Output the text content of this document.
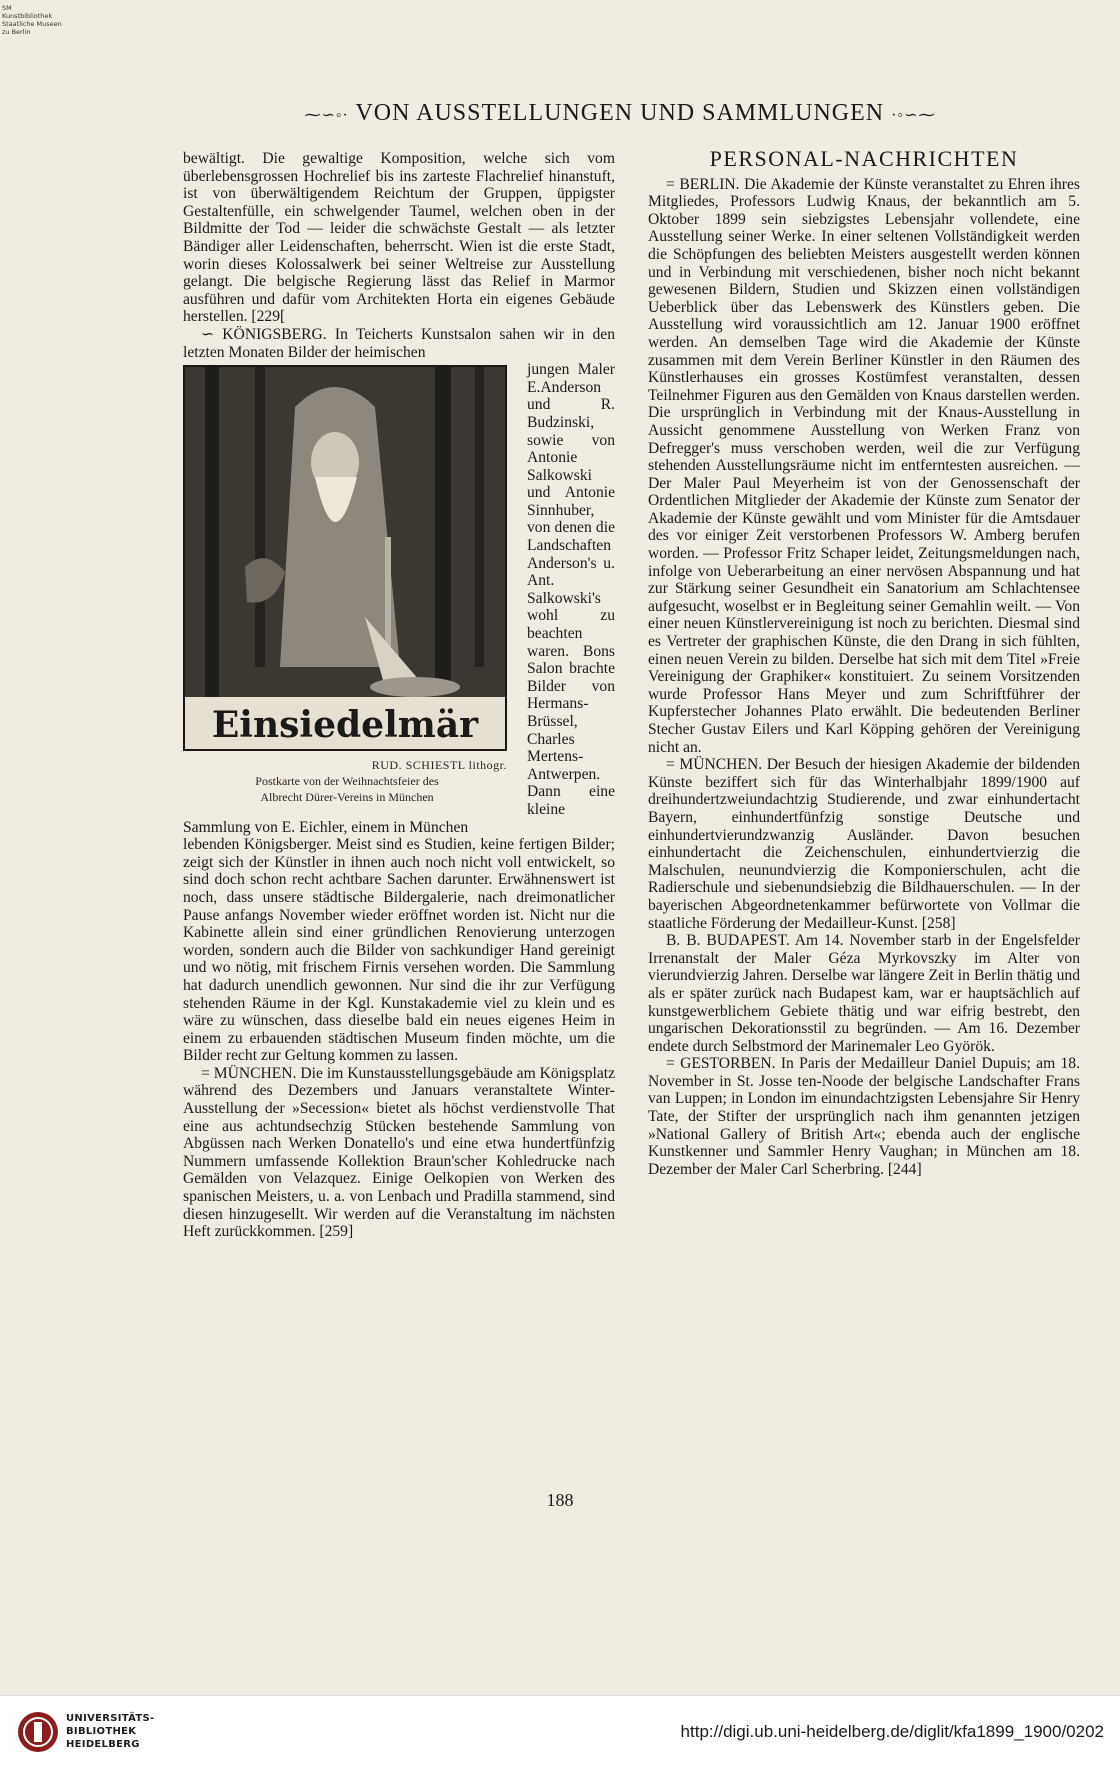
SM
Kunstbibliothek
Staatliche Museen
zu Berlin
⁓∽◦· VON AUSSTELLUNGEN UND SAMMLUNGEN ·◦∽⁓

bewältigt. Die gewaltige Komposition, welche sich vom überlebensgrossen Hochrelief bis ins zarteste Flachrelief hinanstuft, ist von überwältigendem Reichtum der Gruppen, üppigster Gestaltenfülle, ein schwelgender Taumel, welchen oben in der Bildmitte der Tod — leider die schwächste Gestalt — als letzter Bändiger aller Leidenschaften, beherrscht. Wien ist die erste Stadt, worin dieses Kolossalwerk bei seiner Weltreise zur Ausstellung gelangt. Die belgische Regierung lässt das Relief in Marmor ausführen und dafür vom Architekten Horta ein eigenes Gebäude herstellen. [229[

∽ KÖNIGSBERG. In Teicherts Kunstsalon sahen wir in den letzten Monaten Bilder der heimischen

Einsiedelmär
RUD. SCHIESTL lithogr.
Postkarte von der Weihnachtsfeier des
Albrecht Dürer-Vereins in München

jungen Maler E.Anderson und R. Budzinski, sowie von Antonie Salkowski und Antonie Sinnhuber, von denen die Landschaften Anderson's u. Ant. Salkowski's wohl zu beachten waren. Bons Salon brachte Bilder von Hermans-Brüssel, Charles Mertens-Antwerpen. Dann eine kleine Sammlung von E. Eichler, einem in München

lebenden Königsberger. Meist sind es Studien, keine fertigen Bilder; zeigt sich der Künstler in ihnen auch noch nicht voll entwickelt, so sind doch schon recht achtbare Sachen darunter. Erwähnenswert ist noch, dass unsere städtische Bildergalerie, nach dreimonatlicher Pause anfangs November wieder eröffnet worden ist. Nicht nur die Kabinette allein sind einer gründlichen Renovierung unterzogen worden, sondern auch die Bilder von sachkundiger Hand gereinigt und wo nötig, mit frischem Firnis versehen worden. Die Sammlung hat dadurch unendlich gewonnen. Nur sind die ihr zur Verfügung stehenden Räume in der Kgl. Kunstakademie viel zu klein und es wäre zu wünschen, dass dieselbe bald ein neues eigenes Heim in einem zu erbauenden städtischen Museum finden möchte, um die Bilder recht zur Geltung kommen zu lassen.

= MÜNCHEN. Die im Kunstausstellungsgebäude am Königsplatz während des Dezembers und Januars veranstaltete Winter-Ausstellung der »Secession« bietet als höchst verdienstvolle That eine aus achtundsechzig Stücken bestehende Sammlung von Abgüssen nach Werken Donatello's und eine etwa hundertfünfzig Nummern umfassende Kollektion Braun'scher Kohledrucke nach Gemälden von Velazquez. Einige Oelkopien von Werken des spanischen Meisters, u. a. von Lenbach und Pradilla stammend, sind diesen hinzugesellt. Wir werden auf die Veranstaltung im nächsten Heft zurückkommen. [259]

PERSONAL-NACHRICHTEN

= BERLIN. Die Akademie der Künste veranstaltet zu Ehren ihres Mitgliedes, Professors Ludwig Knaus, der bekanntlich am 5. Oktober 1899 sein siebzigstes Lebensjahr vollendete, eine Ausstellung seiner Werke. In einer seltenen Vollständigkeit werden die Schöpfungen des beliebten Meisters ausgestellt werden können und in Verbindung mit verschiedenen, bisher noch nicht bekannt gewesenen Bildern, Studien und Skizzen einen vollständigen Ueberblick über das Lebenswerk des Künstlers geben. Die Ausstellung wird voraussichtlich am 12. Januar 1900 eröffnet werden. An demselben Tage wird die Akademie der Künste zusammen mit dem Verein Berliner Künstler in den Räumen des Künstlerhauses ein grosses Kostümfest veranstalten, dessen Teilnehmer Figuren aus den Gemälden von Knaus darstellen werden. Die ursprünglich in Verbindung mit der Knaus-Ausstellung in Aussicht genommene Ausstellung von Werken Franz von Defregger's muss verschoben werden, weil die zur Verfügung stehenden Ausstellungsräume nicht im entferntesten ausreichen. — Der Maler Paul Meyerheim ist von der Genossenschaft der Ordentlichen Mitglieder der Akademie der Künste zum Senator der Akademie der Künste gewählt und vom Minister für die Amtsdauer des vor einiger Zeit verstorbenen Professors W. Amberg berufen worden. — Professor Fritz Schaper leidet, Zeitungsmeldungen nach, infolge von Ueberarbeitung an einer nervösen Abspannung und hat zur Stärkung seiner Gesundheit ein Sanatorium am Schlachtensee aufgesucht, woselbst er in Begleitung seiner Gemahlin weilt. — Von einer neuen Künstlervereinigung ist noch zu berichten. Diesmal sind es Vertreter der graphischen Künste, die den Drang in sich fühlten, einen neuen Verein zu bilden. Derselbe hat sich mit dem Titel »Freie Vereinigung der Graphiker« konstituiert. Zu seinem Vorsitzenden wurde Professor Hans Meyer und zum Schriftführer der Kupferstecher Johannes Plato erwählt. Die bedeutenden Berliner Stecher Gustav Eilers und Karl Köpping gehören der Vereinigung nicht an.

= MÜNCHEN. Der Besuch der hiesigen Akademie der bildenden Künste beziffert sich für das Winterhalbjahr 1899/1900 auf dreihundertzweiundachtzig Studierende, und zwar einhundertacht Bayern, einhundertfünfzig sonstige Deutsche und einhundertvierundzwanzig Ausländer. Davon besuchen einhundertacht die Zeichenschulen, einhundertvierzig die Malschulen, neunundvierzig die Komponierschulen, acht die Radierschule und siebenundsiebzig die Bildhauerschulen. — In der bayerischen Abgeordnetenkammer befürwortete von Vollmar die staatliche Förderung der Medailleur-Kunst. [258]

B. B. BUDAPEST. Am 14. November starb in der Engelsfelder Irrenanstalt der Maler Géza Myrkovszky im Alter von vierundvierzig Jahren. Derselbe war längere Zeit in Berlin thätig und als er später zurück nach Budapest kam, war er hauptsächlich auf kunstgewerblichem Gebiete thätig und war eifrig bestrebt, den ungarischen Dekorationsstil zu begründen. — Am 16. Dezember endete durch Selbstmord der Marinemaler Leo Györök.

= GESTORBEN. In Paris der Medailleur Daniel Dupuis; am 18. November in St. Josse ten-Noode der belgische Landschafter Frans van Luppen; in London im einundachtzigsten Lebensjahre Sir Henry Tate, der Stifter der ursprünglich nach ihm genannten jetzigen »National Gallery of British Art«; ebenda auch der englische Kunstkenner und Sammler Henry Vaughan; in München am 18. Dezember der Maler Carl Scherbring. [244]

188
UNIVERSITÄTS-
BIBLIOTHEK
HEIDELBERG
http://digi.ub.uni-heidelberg.de/diglit/kfa1899_1900/0202
